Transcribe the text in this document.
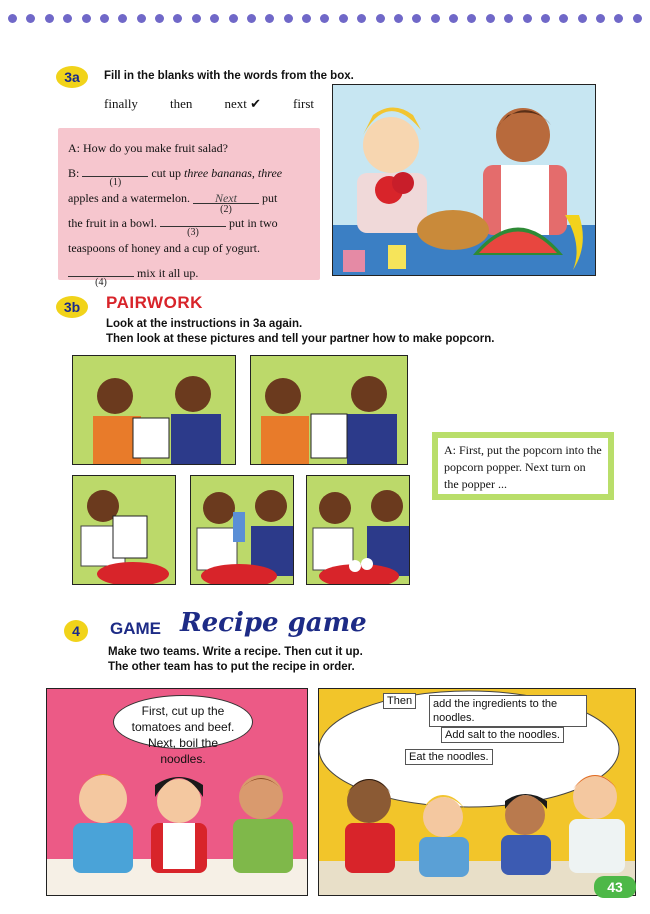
3a	Fill in the blanks with the words from the box.
finally then next ✔ first
A: How do you make fruit salad?
B:
(1)
cut up three bananas, three
apples and a watermelon. Next
(2)
put
the fruit in a bowl.
(3)
put in two
teaspoons of honey and a cup of yogurt.
(4)
mix it all up.
3b	PAIRWORK
Look at the instructions in 3a again.
Then look at these pictures and tell your partner how to make popcorn.
A: First, put the popcorn into the popcorn popper. Next turn on the popper ...
4	GAME Recipe game
Make two teams. Write a recipe. Then cut it up.
The other team has to put the recipe in order.
First, cut up the tomatoes and beef. Next, boil the noodles.
Then	add the ingredients to the noodles.
Add salt to the noodles.
Eat the noodles.
43
